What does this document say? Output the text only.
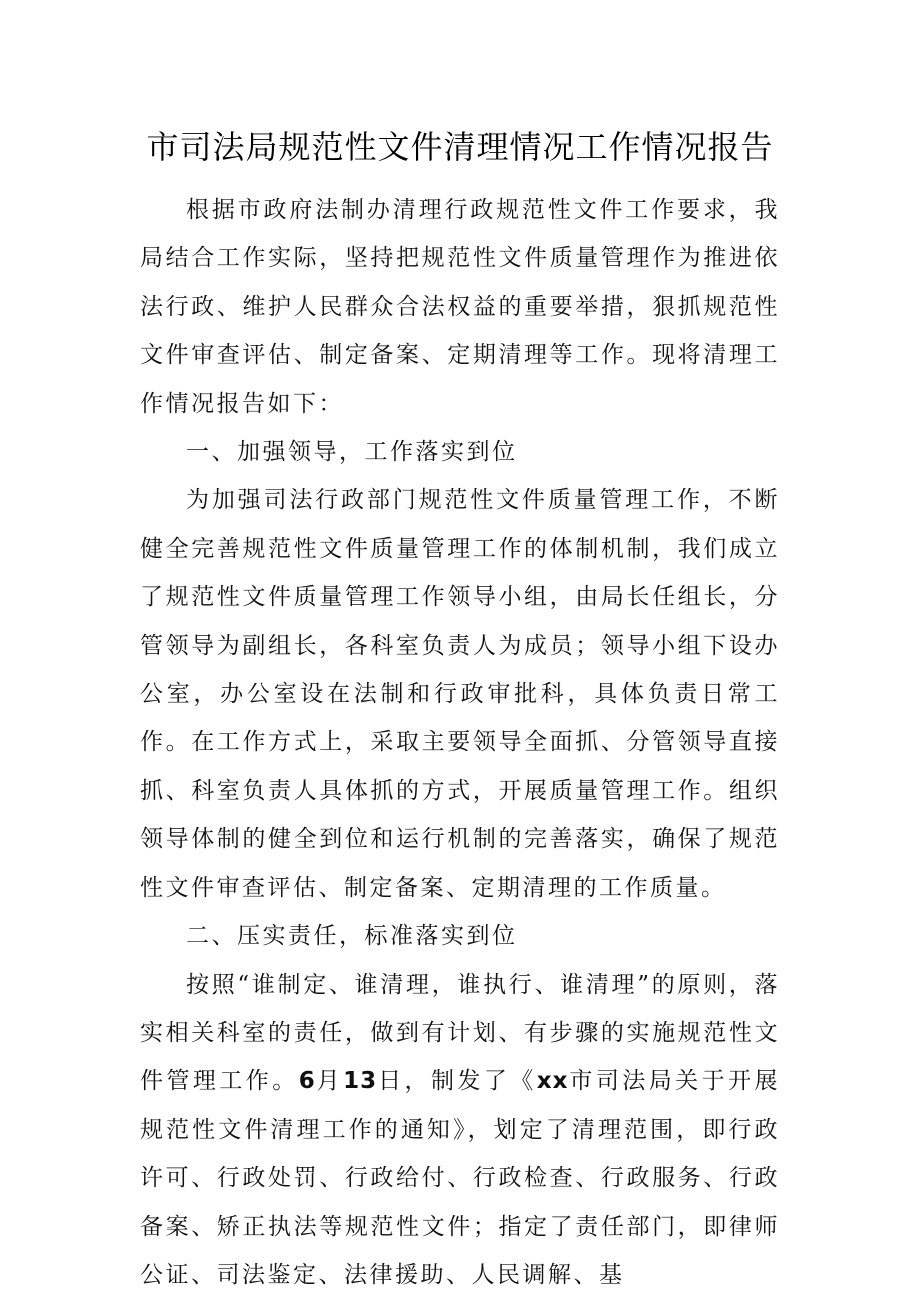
市司法局规范性文件清理情况工作情况报告

根据市政府法制办清理行政规范性文件工作要求，我局结合工作实际，坚持把规范性文件质量管理作为推进依法行政、维护人民群众合法权益的重要举措，狠抓规范性文件审查评估、制定备案、定期清理等工作。现将清理工作情况报告如下：

一、加强领导，工作落实到位

为加强司法行政部门规范性文件质量管理工作，不断健全完善规范性文件质量管理工作的体制机制，我们成立了规范性文件质量管理工作领导小组，由局长任组长，分管领导为副组长，各科室负责人为成员；领导小组下设办公室，办公室设在法制和行政审批科，具体负责日常工作。在工作方式上，采取主要领导全面抓、分管领导直接抓、科室负责人具体抓的方式，开展质量管理工作。组织领导体制的健全到位和运行机制的完善落实，确保了规范性文件审查评估、制定备案、定期清理的工作质量。

二、压实责任，标准落实到位

按照“谁制定、谁清理，谁执行、谁清理”的原则，落实相关科室的责任，做到有计划、有步骤的实施规范性文件管理工作。6月13日，制发了《xx市司法局关于开展规范性文件清理工作的通知》，划定了清理范围，即行政许可、行政处罚、行政给付、行政检查、行政服务、行政备案、矫正执法等规范性文件；指定了责任部门，即律师公证、司法鉴定、法律援助、人民调解、基
